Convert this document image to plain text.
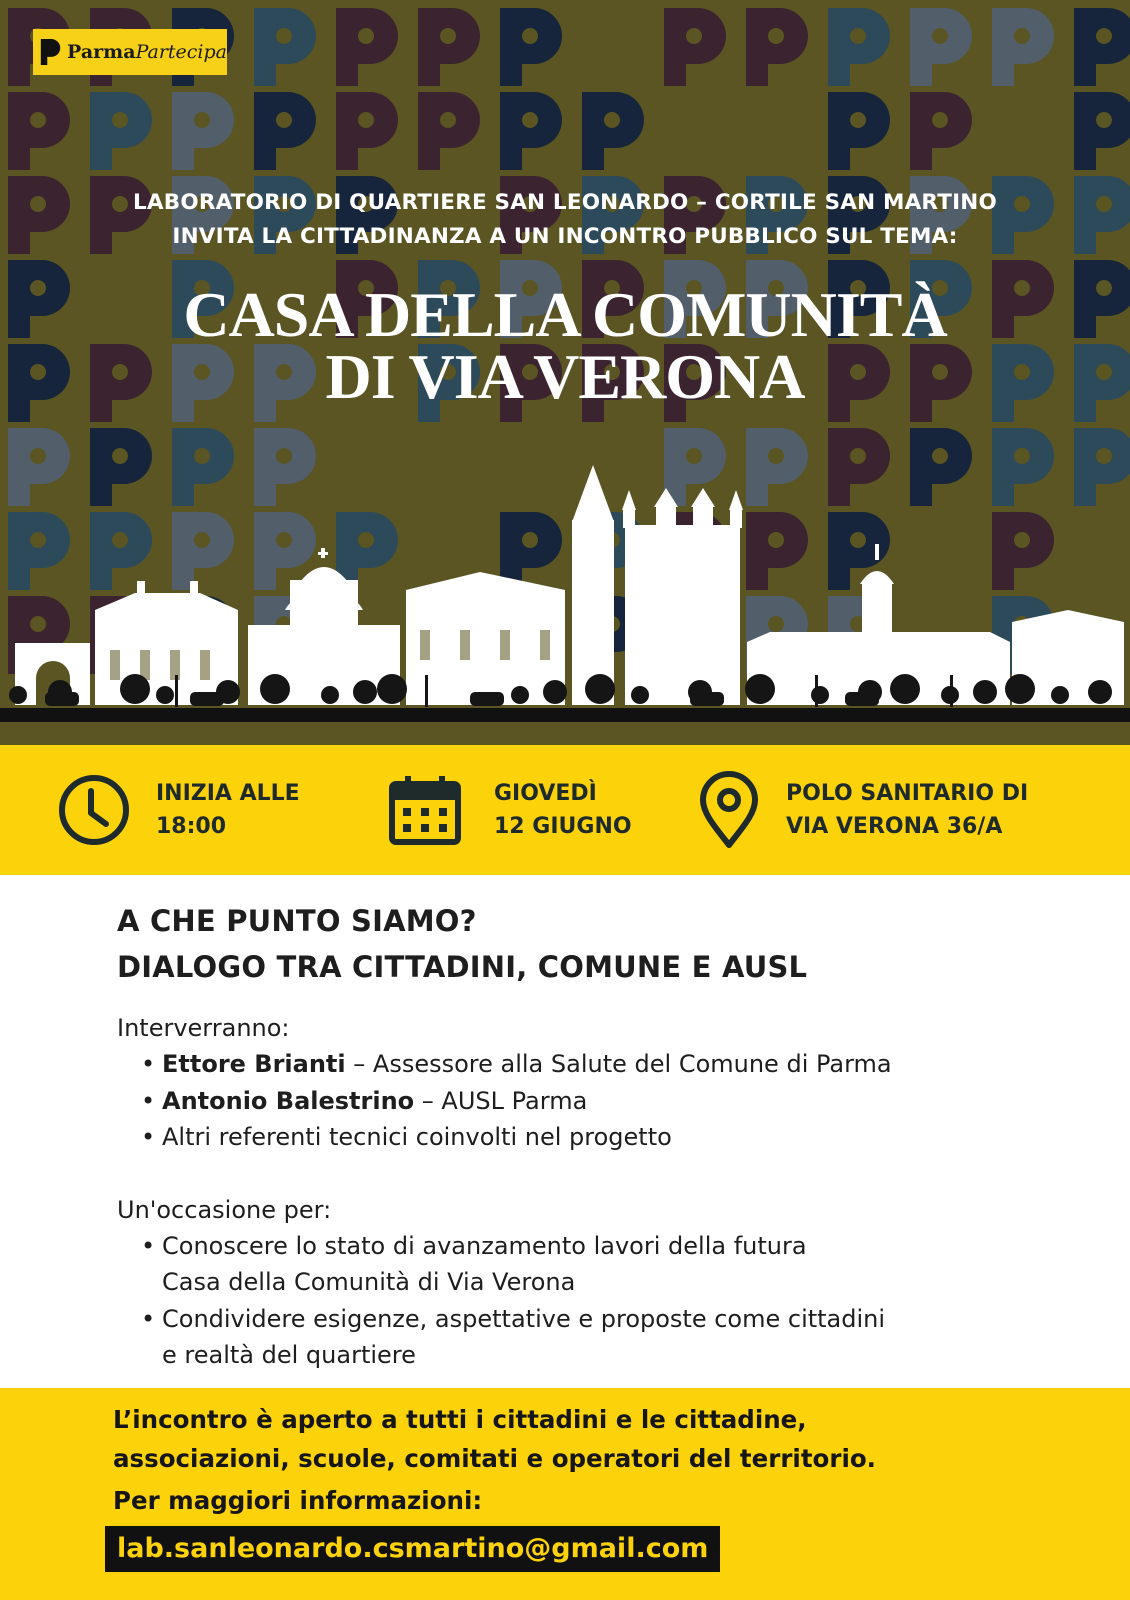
ParmaPartecipa
LABORATORIO DI QUARTIERE SAN LEONARDO – CORTILE SAN MARTINO
INVITA LA CITTADINANZA A UN INCONTRO PUBBLICO SUL TEMA:
CASA DELLA COMUNITÀ
DI VIA VERONA
INIZIA ALLE
18:00
GIOVEDÌ
12 GIUGNO
POLO SANITARIO DI
VIA VERONA 36/A
A CHE PUNTO SIAMO?
DIALOGO TRA CITTADINI, COMUNE E AUSL
Interverranno:
• Ettore Brianti – Assessore alla Salute del Comune di Parma
• Antonio Balestrino – AUSL Parma
• Altri referenti tecnici coinvolti nel progetto
Un'occasione per:
• Conoscere lo stato di avanzamento lavori della futura
Casa della Comunità di Via Verona
• Condividere esigenze, aspettative e proposte come cittadini
e realtà del quartiere
L’incontro è aperto a tutti i cittadini e le cittadine,
associazioni, scuole, comitati e operatori del territorio.
Per maggiori informazioni:
lab.sanleonardo.csmartino@gmail.com
